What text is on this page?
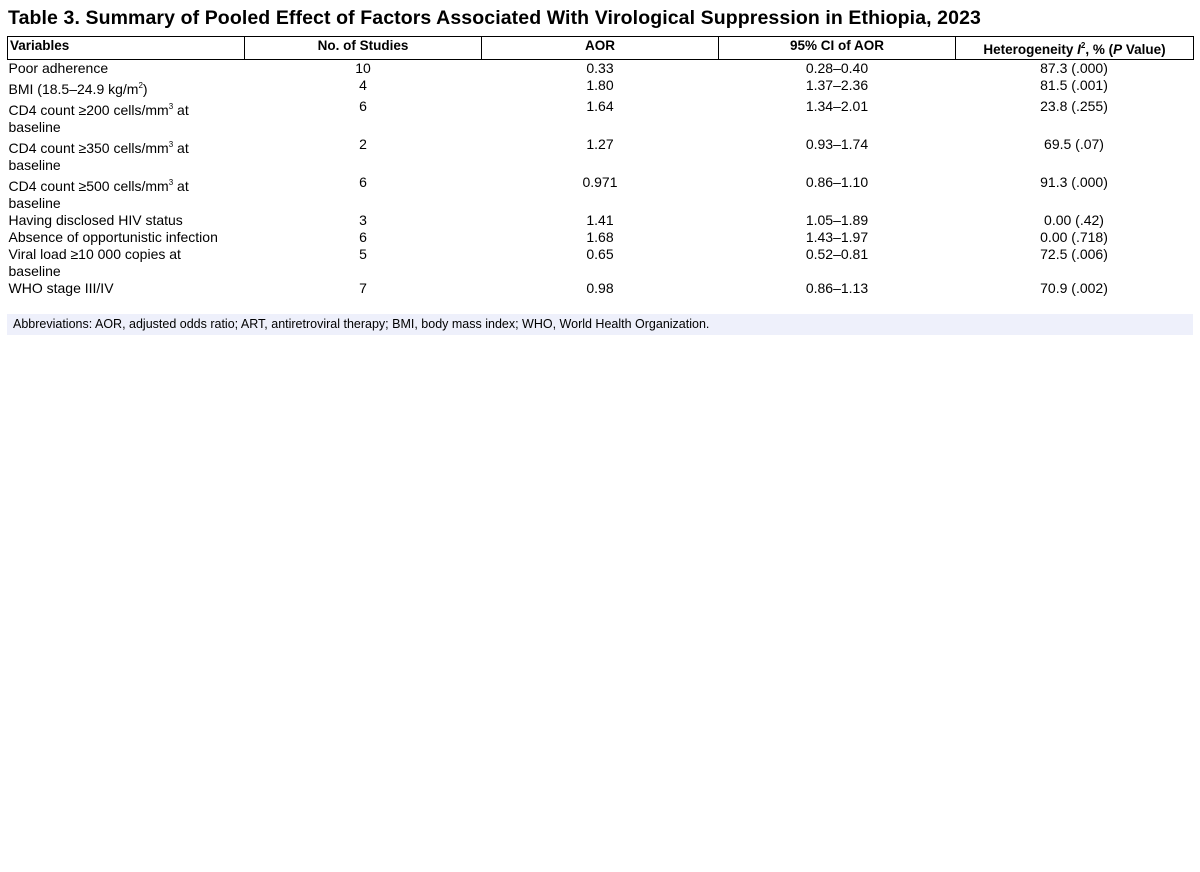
Table 3. Summary of Pooled Effect of Factors Associated With Virological Suppression in Ethiopia, 2023
Variables	No. of Studies	AOR	95% CI of AOR	Heterogeneity $I^2$, % (P Value)
Poor adherence	10	0.33	0.28–0.40	87.3 (.000)
BMI (18.5–24.9 $kg/m^2$)	4	1.80	1.37–2.36	81.5 (.001)
CD4 count ≥200 cells/$mm^3$ at
baseline	6	1.64	1.34–2.01	23.8 (.255)
CD4 count ≥350 cells/$mm^3$ at
baseline	2	1.27	0.93–1.74	69.5 (.07)
CD4 count ≥500 cells/$mm^3$ at
baseline	6	0.971	0.86–1.10	91.3 (.000)
Having disclosed HIV status	3	1.41	1.05–1.89	0.00 (.42)
Absence of opportunistic infection	6	1.68	1.43–1.97	0.00 (.718)
Viral load ≥10 000 copies at
baseline	5	0.65	0.52–0.81	72.5 (.006)
WHO stage III/IV	7	0.98	0.86–1.13	70.9 (.002)
Abbreviations: AOR, adjusted odds ratio; ART, antiretroviral therapy; BMI, body mass index; WHO, World Health Organization.
